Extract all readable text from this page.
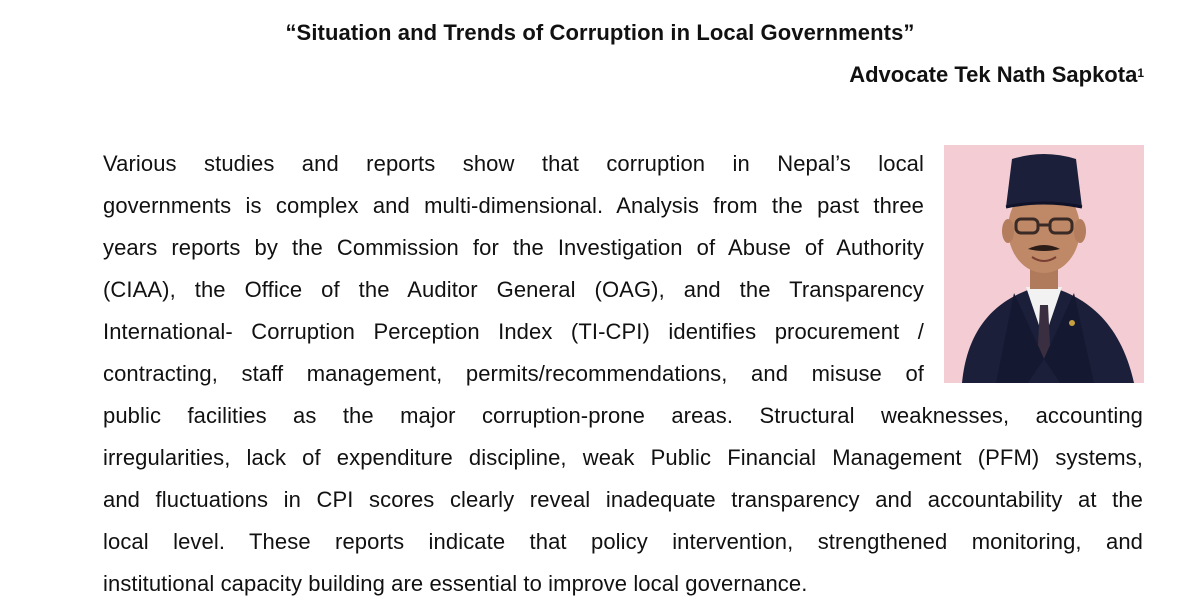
“Situation and Trends of Corruption in Local Governments”
Advocate Tek Nath Sapkota$^1$
Various studies and reports show that corruption in Nepal’s local
governments is complex and multi-dimensional. Analysis from the past three
years reports by the Commission for the Investigation of Abuse of Authority
(CIAA), the Office of the Auditor General (OAG), and the Transparency
International- Corruption Perception Index (TI-CPI) identifies procurement /
contracting, staff management, permits/recommendations, and misuse of
public facilities as the major corruption-prone areas. Structural weaknesses, accounting
irregularities, lack of expenditure discipline, weak Public Financial Management (PFM) systems,
and fluctuations in CPI scores clearly reveal inadequate transparency and accountability at the
local level. These reports indicate that policy intervention, strengthened monitoring, and
institutional capacity building are essential to improve local governance.
